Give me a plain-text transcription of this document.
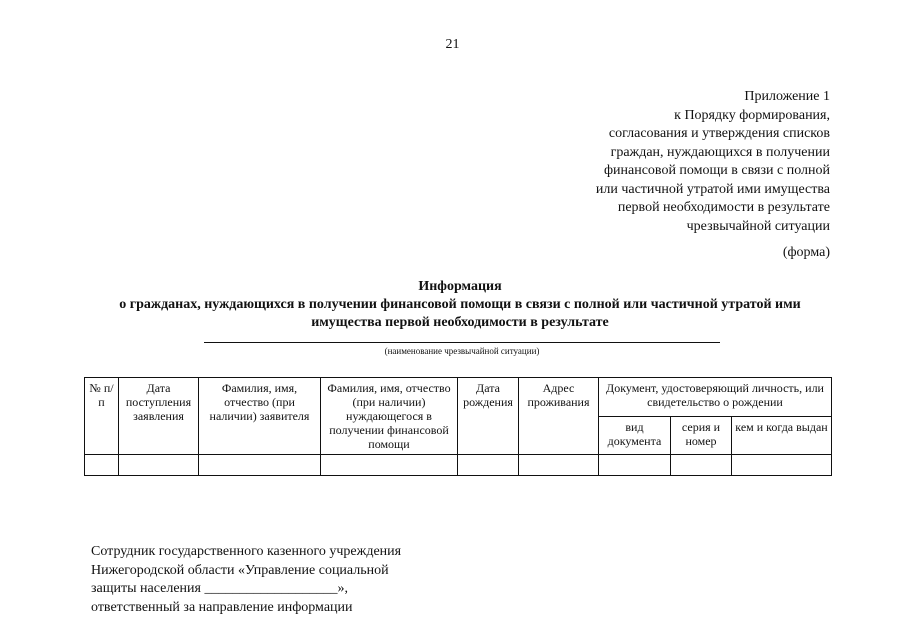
21
Приложение 1
к Порядку формирования,
согласования и утверждения списков
граждан, нуждающихся в получении
финансовой помощи в связи с полной
или частичной утратой ими имущества
первой необходимости в результате
чрезвычайной ситуации
(форма)
Информация
о гражданах, нуждающихся в получении финансовой помощи в связи с полной или частичной утратой ими
имущества первой необходимости в результате
(наименование чрезвычайной ситуации)
№ п/п	Дата поступления заявления	Фамилия, имя, отчество (при наличии) заявителя	Фамилия, имя, отчество (при наличии) нуждающегося в получении финансовой помощи	Дата рождения	Адрес проживания	Документ, удостоверяющий личность, или свидетельство о рождении		
						вид документа	серия и номер	кем и когда выдан

Сотрудник государственного казенного учреждения
Нижегородской области «Управление социальной
защиты населения ___________________»,
ответственный за направление информации
